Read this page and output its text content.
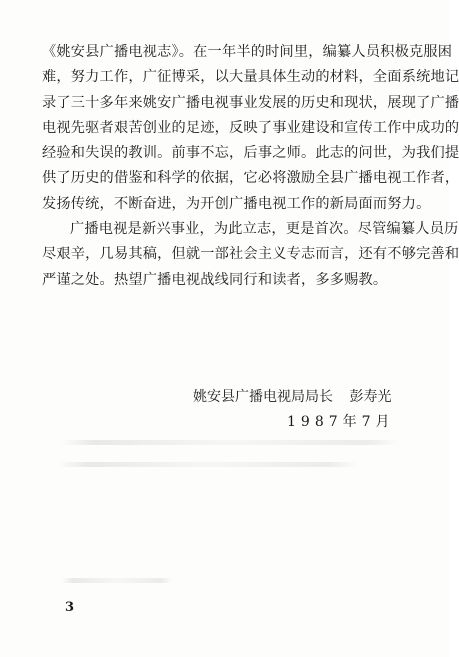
《姚安县广播电视志》。在一年半的时间里，编纂人员积极克服困
难，努力工作，广征博采，以大量具体生动的材料，全面系统地记
录了三十多年来姚安广播电视事业发展的历史和现状，展现了广播
电视先驱者艰苦创业的足迹，反映了事业建设和宣传工作中成功的
经验和失误的教训。前事不忘，后事之师。此志的问世，为我们提
供了历史的借鉴和科学的依据，它必将激励全县广播电视工作者，
发扬传统，不断奋进，为开创广播电视工作的新局面而努力。
广播电视是新兴事业，为此立志，更是首次。尽管编纂人员历
尽艰辛，几易其稿，但就一部社会主义专志而言，还有不够完善和
严谨之处。热望广播电视战线同行和读者，多多赐教。
姚安县广播电视局局长 彭寿光
1987年7月
3
